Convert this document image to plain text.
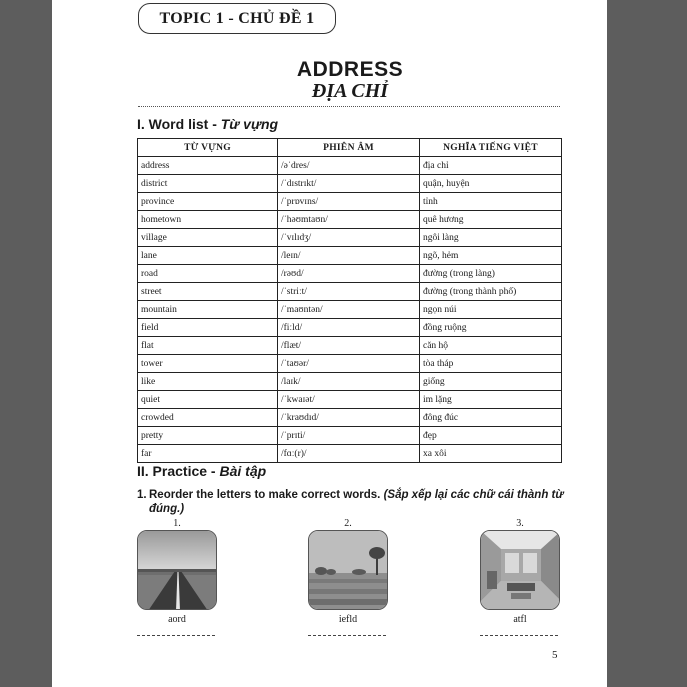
TOPIC 1 - CHỦ ĐỀ 1
ADDRESS
ĐỊA CHỈ
I. Word list - Từ vựng
TỪ VỰNG	PHIÊN ÂM	NGHĨA TIẾNG VIỆT
address	/əˈdres/	địa chỉ
district	/ˈdɪstrɪkt/	quận, huyện
province	/ˈprɒvɪns/	tỉnh
hometown	/ˈhəʊmtaʊn/	quê hương
village	/ˈvɪlɪdʒ/	ngôi làng
lane	/leɪn/	ngõ, hẻm
road	/rəʊd/	đường (trong làng)
street	/ˈstriːt/	đường (trong thành phố)
mountain	/ˈmaʊntən/	ngọn núi
field	/fiːld/	đồng ruộng
flat	/flæt/	căn hộ
tower	/ˈtaʊər/	tòa tháp
like	/laɪk/	giống
quiet	/ˈkwaɪət/	im lặng
crowded	/ˈkraʊdɪd/	đông đúc
pretty	/ˈprɪti/	đẹp
far	/fɑː(r)/	xa xôi
II. Practice - Bài tập
1. Reorder the letters to make correct words. (Sắp xếp lại các chữ cái thành từ đúng.)
1.
aord
2.
iefld
3.
atfl
5
